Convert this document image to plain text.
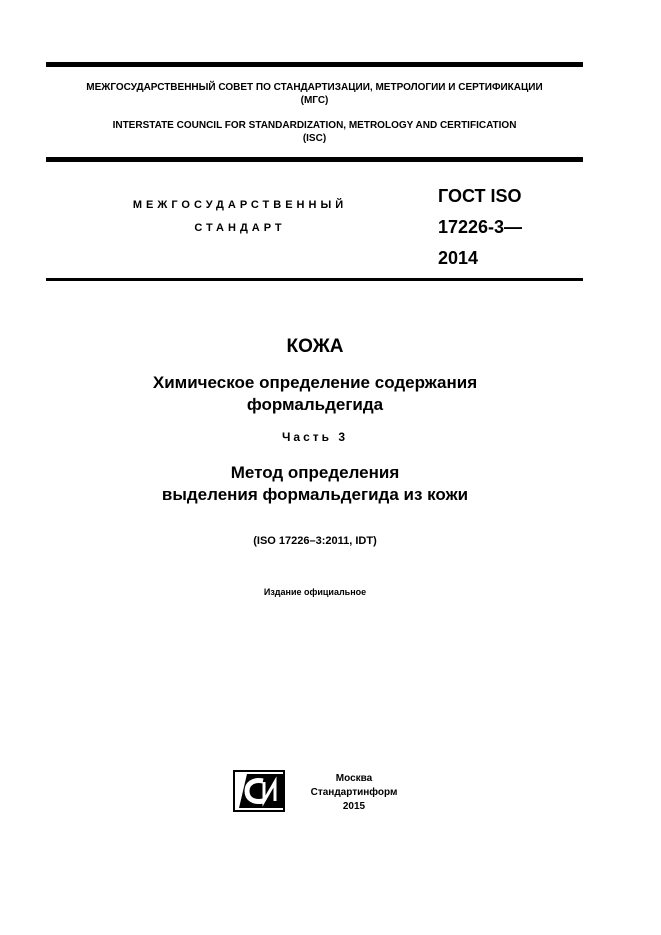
МЕЖГОСУДАРСТВЕННЫЙ СОВЕТ ПО СТАНДАРТИЗАЦИИ, МЕТРОЛОГИИ И СЕРТИФИКАЦИИ
(МГС)
INTERSTATE COUNCIL FOR STANDARDIZATION, METROLOGY AND CERTIFICATION
(ISC)
МЕЖГОСУДАРСТВЕННЫЙ
СТАНДАРТ
ГОСТ ISO
17226-3—
2014
КОЖА
Химическое определение содержания
формальдегида
Часть 3
Метод определения
выделения формальдегида из кожи
(ISO 17226–3:2011, IDT)
Издание официальное
Москва
Стандартинформ
2015
